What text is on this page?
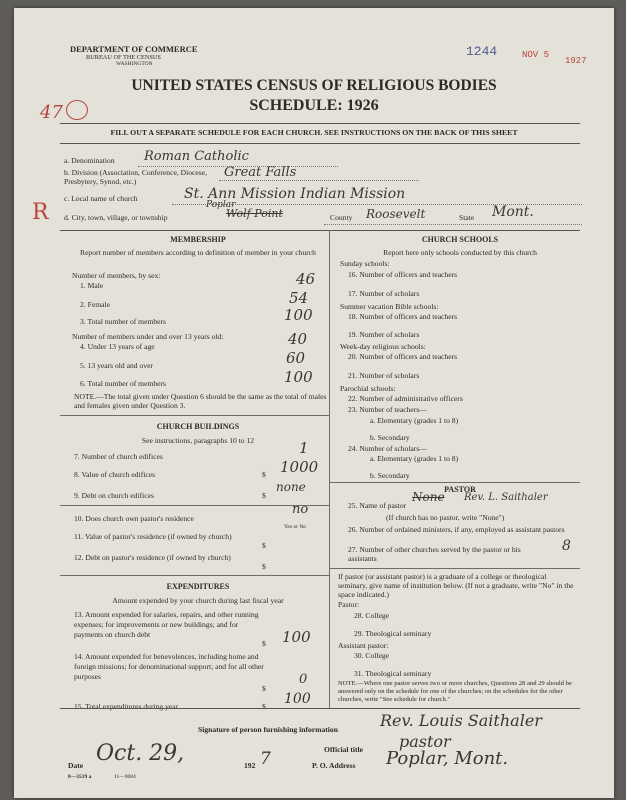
DEPARTMENT OF COMMERCE
BUREAU OF THE CENSUS
WASHINGTON
1244	NOV 5
1927
UNITED STATES CENSUS OF RELIGIOUS BODIES
SCHEDULE: 1926
47
FILL OUT A SEPARATE SCHEDULE FOR EACH CHURCH. SEE INSTRUCTIONS ON THE BACK OF THIS SHEET
a. Denomination Roman Catholic
b. Division (Association, Conference, Diocese, Presbytery, Synod, etc.)
Great Falls
c. Local name of church	St. Ann Mission Indian Mission
R d. City, town, village, or township
Poplar
Wolf Point	County Roosevelt	State Mont.
MEMBERSHIP
Report number of members according to definition of member in your church
Number of members, by sex:
1. Male	46
2. Female	54
3. Total number of members	100
Number of members under and over 13 years old:
4. Under 13 years of age	40
5. 13 years old and over	60
6. Total number of members	100
NOTE.—The total given under Question 6 should be the same as the total of males and females given under Question 3.
CHURCH BUILDINGS
See instructions, paragraphs 10 to 12
7. Number of church edifices	1
8. Value of church edifices	$ 1000
9. Debt on church edifices	$
none
10. Does church own pastor's residence
no
Yes or No
11. Value of pastor's residence (if owned by church)
$
12. Debt on pastor's residence (if owned by church)
$
EXPENDITURES
Amount expended by your church during last fiscal year
13. Amount expended for salaries, repairs, and other running expenses; for improvements or new buildings; and for payments on church debt
$ 100
14. Amount expended for benevolences, including home and foreign missions; for denominational support; and for all other purposes
$
0
15. Total expenditures during year	$ 100
CHURCH SCHOOLS
Report here only schools conducted by this church
Sunday schools:
16. Number of officers and teachers
17. Number of scholars
Summer vacation Bible schools:
18. Number of officers and teachers
19. Number of scholars
Week-day religious schools:
20. Number of officers and teachers
21. Number of scholars
Parochial schools:
22. Number of administrative officers
23. Number of teachers—
a. Elementary (grades 1 to 8)
b. Secondary
24. Number of scholars—
a. Elementary (grades 1 to 8)
b. Secondary
PASTOR
25. Name of pastor
None Rev. L. Saithaler
(If church has no pastor, write "None")
26. Number of ordained ministers, if any, employed as assistant pastors
27. Number of other churches served by the pastor or his assistants
8
If pastor (or assistant pastor) is a graduate of a college or theological seminary, give name of institution below. (If not a graduate, write "No" in the space indicated.)
Pastor:
28. College
29. Theological seminary
Assistant pastor:
30. College
31. Theological seminary
NOTE.—Where one pastor serves two or more churches, Questions 28 and 29 should be answered only on the schedule for one of the churches; on the schedules for the other churches, write "See schedule for church."
Signature of person furnishing information	Rev. Louis Saithaler
Official title pastor
Date Oct. 29,	192 7	P. O. Address Poplar, Mont.
8—3519 a	11—9084
